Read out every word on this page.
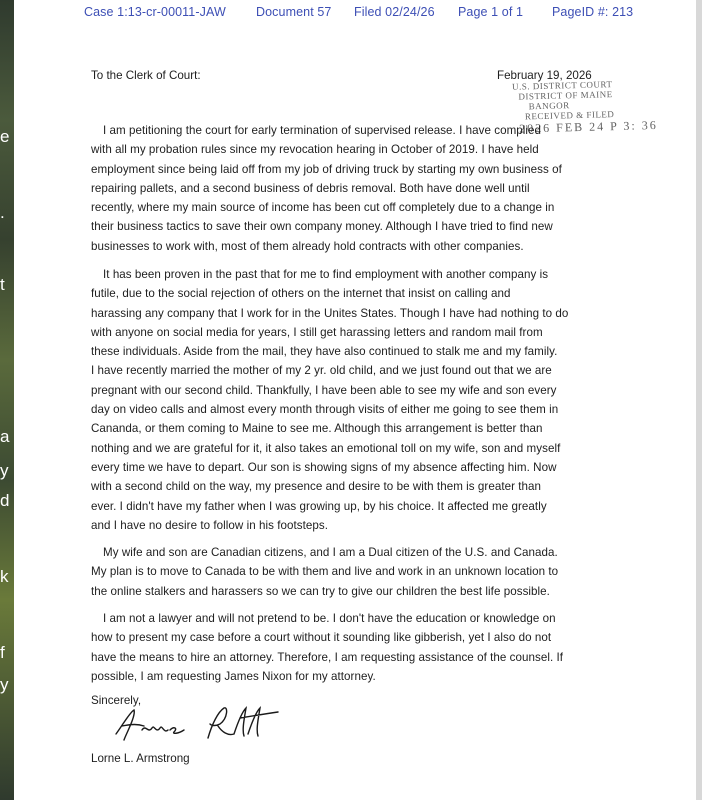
e
.
t
a
y
d
k
f
y
Case 1:13-cr-00011-JAW Document 57 Filed 02/24/26 Page 1 of 1 PageID #: 213
To the Clerk of Court:	February 19, 2026
U.S. DISTRICT COURT
DISTRICT OF MAINE
BANGOR
RECEIVED & FILED
2026 FEB 24 P 3: 36
I am petitioning the court for early termination of supervised release. I have complied
with all my probation rules since my revocation hearing in October of 2019. I have held
employment since being laid off from my job of driving truck by starting my own business of
repairing pallets, and a second business of debris removal. Both have done well until
recently, where my main source of income has been cut off completely due to a change in
their business tactics to save their own company money. Although I have tried to find new
businesses to work with, most of them already hold contracts with other companies.
It has been proven in the past that for me to find employment with another company is
futile, due to the social rejection of others on the internet that insist on calling and
harassing any company that I work for in the Unites States. Though I have had nothing to do
with anyone on social media for years, I still get harassing letters and random mail from
these individuals. Aside from the mail, they have also continued to stalk me and my family.
I have recently married the mother of my 2 yr. old child, and we just found out that we are
pregnant with our second child. Thankfully, I have been able to see my wife and son every
day on video calls and almost every month through visits of either me going to see them in
Cananda, or them coming to Maine to see me. Although this arrangement is better than
nothing and we are grateful for it, it also takes an emotional toll on my wife, son and myself
every time we have to depart. Our son is showing signs of my absence affecting him. Now
with a second child on the way, my presence and desire to be with them is greater than
ever. I didn't have my father when I was growing up, by his choice. It affected me greatly
and I have no desire to follow in his footsteps.
My wife and son are Canadian citizens, and I am a Dual citizen of the U.S. and Canada.
My plan is to move to Canada to be with them and live and work in an unknown location to
the online stalkers and harassers so we can try to give our children the best life possible.
I am not a lawyer and will not pretend to be. I don't have the education or knowledge on
how to present my case before a court without it sounding like gibberish, yet I also do not
have the means to hire an attorney. Therefore, I am requesting assistance of the counsel. If
possible, I am requesting James Nixon for my attorney.
Sincerely,
Lorne L. Armstrong
